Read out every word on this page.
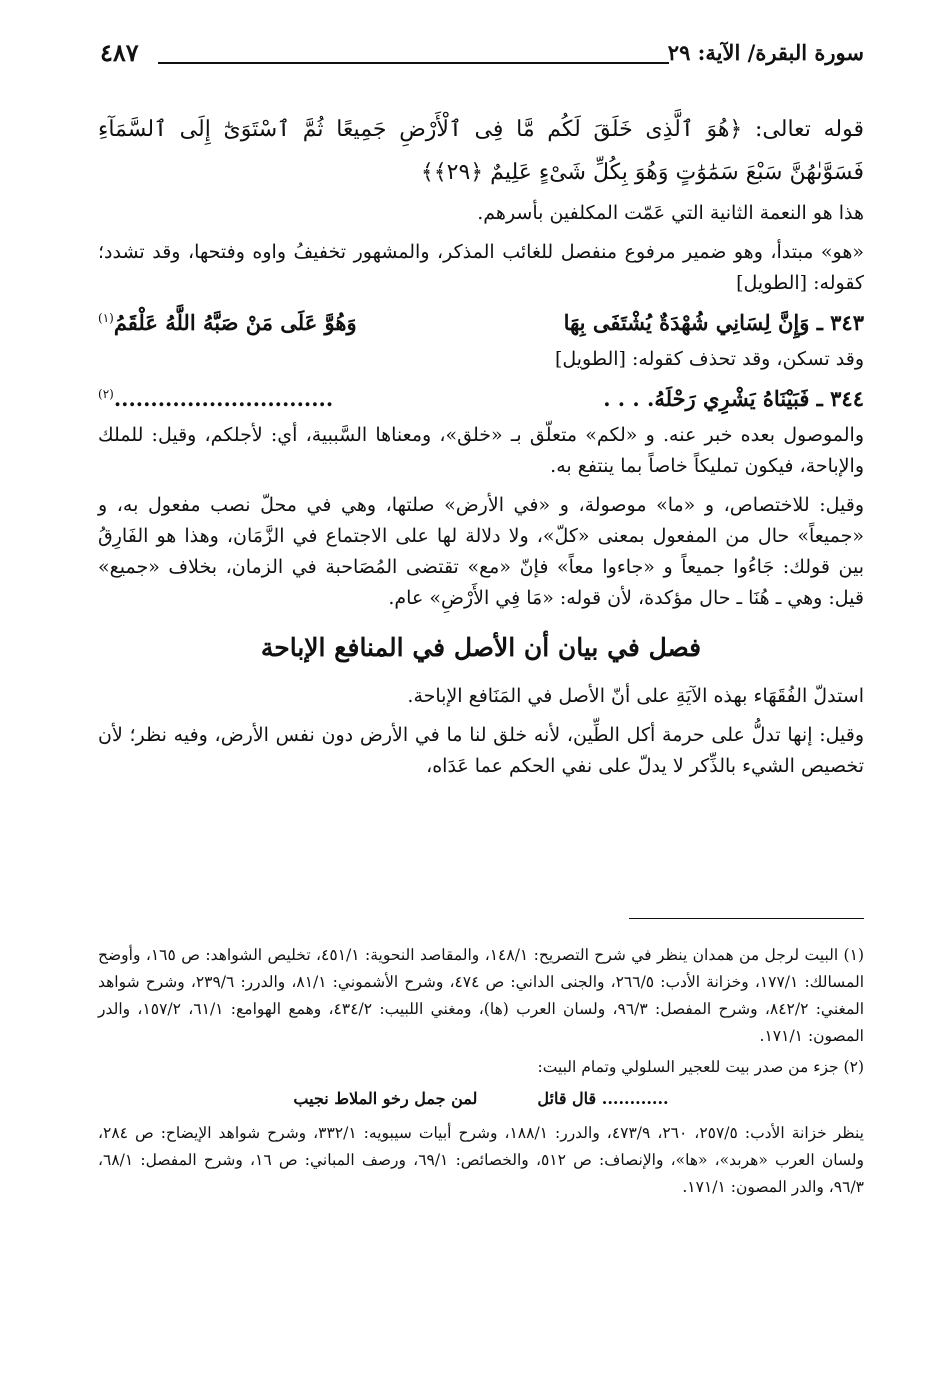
سورة البقرة/ الآية: ٢٩
٤٨٧

قوله تعالى: ﴿هُوَ ٱلَّذِى خَلَقَ لَكُم مَّا فِى ٱلْأَرْضِ جَمِيعًا ثُمَّ ٱسْتَوَىٰٓ إِلَى ٱلسَّمَآءِ فَسَوَّىٰهُنَّ سَبْعَ سَمَٰوَٰتٍ وَهُوَ بِكُلِّ شَىْءٍ عَلِيمٌ ﴿٢٩﴾﴾

هذا هو النعمة الثانية التي عَمّت المكلفين بأسرهم.

«هو» مبتدأ، وهو ضمير مرفوع منفصل للغائب المذكر، والمشهور تخفيفُ واوه وفتحها، وقد تشدد؛ كقوله: [الطويل]

٣٤٣ ـ وَإِنَّ لِسَانِي شُهْدَةٌ يُشْتَفَى بِهَا
وَهُوَّ عَلَى مَنْ صَبَّهُ اللَّهُ عَلْقَمُ$^{(١)}$

وقد تسكن، وقد تحذف كقوله: [الطويل]

٣٤٤ ـ فَبَيْنَاهُ يَشْرِي رَحْلَهُ. . . .
..............................$^{(٢)}$

والموصول بعده خبر عنه. و «لكم» متعلّق بـ «خلق»، ومعناها السَّببية، أي: لأجلكم، وقيل: للملك والإباحة، فيكون تمليكاً خاصاً بما ينتفع به.

وقيل: للاختصاص، و «ما» موصولة، و «في الأرض» صلتها، وهي في محلّ نصب مفعول به، و «جميعاً» حال من المفعول بمعنى «كلّ»، ولا دلالة لها على الاجتماع في الزَّمَان، وهذا هو الفَارِقُ بين قولك: جَاءُوا جميعاً و «جاءوا معاً» فإنّ «مع» تقتضى المُصَاحبة في الزمان، بخلاف «جميع» قيل: وهي ـ هُنَا ـ حال مؤكدة، لأن قوله: «مَا فِي الأَرْضِ» عام.

فصل في بيان أن الأصل في المنافع الإباحة

استدلّ الفُقَهَاء بهذه الآيَةِ على أنّ الأصل في المَنَافع الإباحة.

وقيل: إنها تدلُّ على حرمة أكل الطِّين، لأنه خلق لنا ما في الأرض دون نفس الأرض، وفيه نظر؛ لأن تخصيص الشيء بالذِّكر لا يدلّ على نفي الحكم عما عَدَاه،

(١) البيت لرجل من همدان ينظر في شرح التصريح: ١٤٨/١، والمقاصد النحوية: ٤٥١/١، تخليص الشواهد: ص ١٦٥، وأوضح المسالك: ١٧٧/١، وخزانة الأدب: ٢٦٦/٥، والجنى الداني: ص ٤٧٤، وشرح الأشموني: ٨١/١، والدرر: ٢٣٩/٦، وشرح شواهد المغني: ٨٤٢/٢، وشرح المفصل: ٩٦/٣، ولسان العرب (ها)، ومغني اللبيب: ٤٣٤/٢، وهمع الهوامع: ٦١/١، ١٥٧/٢، والدر المصون: ١٧١/١.

(٢) جزء من صدر بيت للعجير السلولي وتمام البيت:

............ قال قائل
لمن جمل رخو الملاط نجيب

ينظر خزانة الأدب: ٢٥٧/٥، ٢٦٠، ٤٧٣/٩، والدرر: ١٨٨/١، وشرح أبيات سيبويه: ٣٣٢/١، وشرح شواهد الإيضاح: ص ٢٨٤، ولسان العرب «هربد»، «ها»، والإنصاف: ص ٥١٢، والخصائص: ٦٩/١، ورصف المباني: ص ١٦، وشرح المفصل: ٦٨/١، ٩٦/٣، والدر المصون: ١٧١/١.
